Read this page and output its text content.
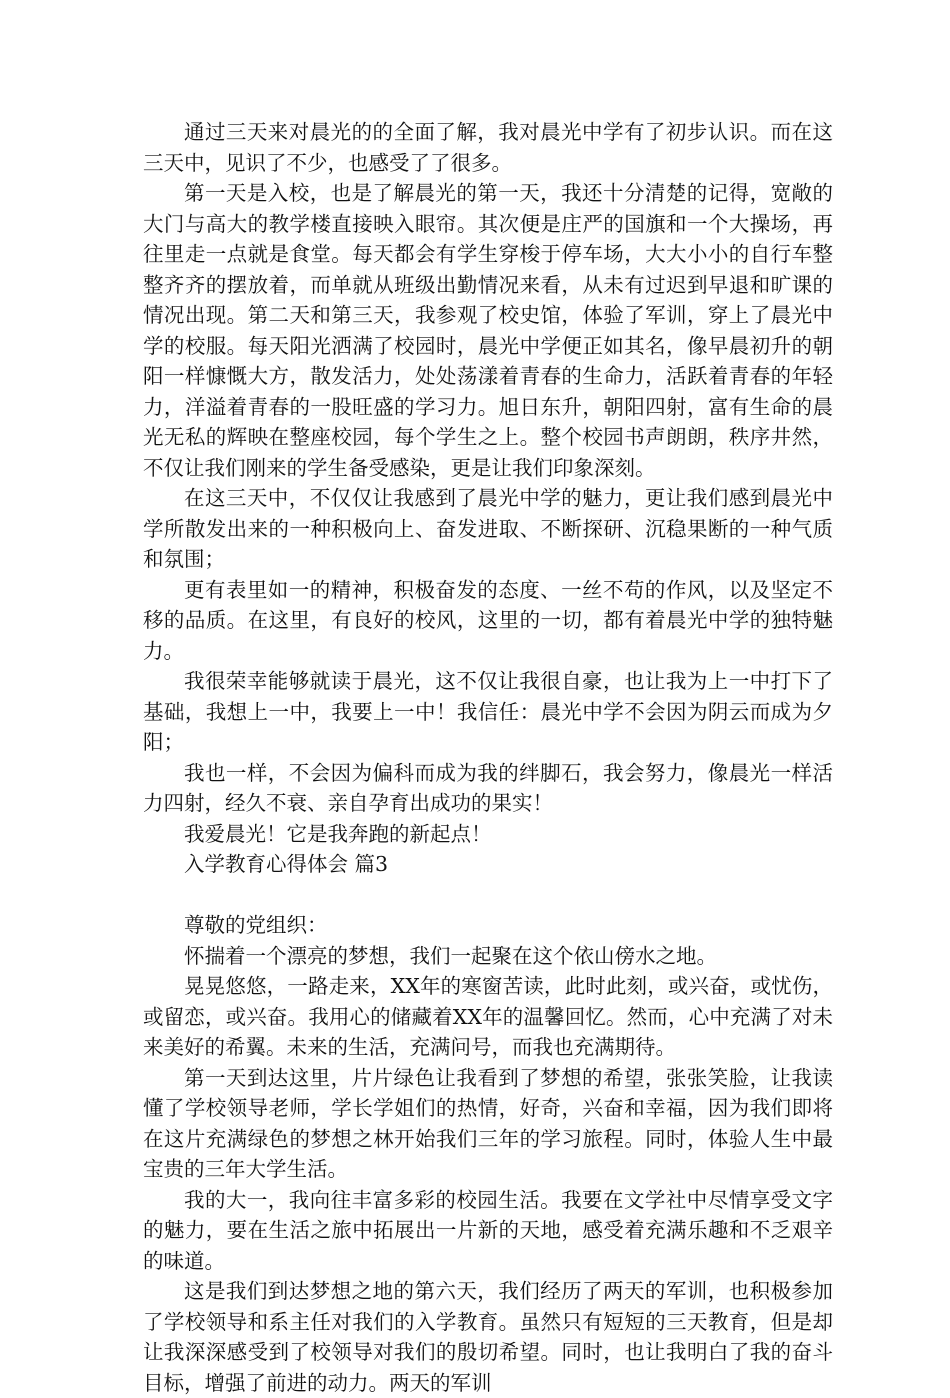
通过三天来对晨光的的全面了解，我对晨光中学有了初步认识。而在这三天中，见识了不少，也感受了了很多。

第一天是入校，也是了解晨光的第一天，我还十分清楚的记得，宽敞的大门与高大的教学楼直接映入眼帘。其次便是庄严的国旗和一个大操场，再往里走一点就是食堂。每天都会有学生穿梭于停车场，大大小小的自行车整整齐齐的摆放着，而单就从班级出勤情况来看，从未有过迟到早退和旷课的情况出现。第二天和第三天，我参观了校史馆，体验了军训，穿上了晨光中学的校服。每天阳光洒满了校园时，晨光中学便正如其名，像早晨初升的朝阳一样慷慨大方，散发活力，处处荡漾着青春的生命力，活跃着青春的年轻力，洋溢着青春的一股旺盛的学习力。旭日东升，朝阳四射，富有生命的晨光无私的辉映在整座校园，每个学生之上。整个校园书声朗朗，秩序井然，不仅让我们刚来的学生备受感染，更是让我们印象深刻。

在这三天中，不仅仅让我感到了晨光中学的魅力，更让我们感到晨光中学所散发出来的一种积极向上、奋发进取、不断探研、沉稳果断的一种气质和氛围；

更有表里如一的精神，积极奋发的态度、一丝不苟的作风，以及坚定不移的品质。在这里，有良好的校风，这里的一切，都有着晨光中学的独特魅力。

我很荣幸能够就读于晨光，这不仅让我很自豪，也让我为上一中打下了基础，我想上一中，我要上一中！我信任：晨光中学不会因为阴云而成为夕阳；

我也一样，不会因为偏科而成为我的绊脚石，我会努力，像晨光一样活力四射，经久不衰、亲自孕育出成功的果实！

我爱晨光！它是我奔跑的新起点！

入学教育心得体会 篇3

尊敬的党组织：

怀揣着一个漂亮的梦想，我们一起聚在这个依山傍水之地。

晃晃悠悠，一路走来，XX年的寒窗苦读，此时此刻，或兴奋，或忧伤，或留恋，或兴奋。我用心的储藏着XX年的温馨回忆。然而，心中充满了对未来美好的希翼。未来的生活，充满问号，而我也充满期待。

第一天到达这里，片片绿色让我看到了梦想的希望，张张笑脸，让我读懂了学校领导老师，学长学姐们的热情，好奇，兴奋和幸福，因为我们即将在这片充满绿色的梦想之林开始我们三年的学习旅程。同时，体验人生中最宝贵的三年大学生活。

我的大一，我向往丰富多彩的校园生活。我要在文学社中尽情享受文字的魅力，要在生活之旅中拓展出一片新的天地，感受着充满乐趣和不乏艰辛的味道。

这是我们到达梦想之地的第六天，我们经历了两天的军训，也积极参加了学校领导和系主任对我们的入学教育。虽然只有短短的三天教育，但是却让我深深感受到了校领导对我们的殷切希望。同时，也让我明白了我的奋斗目标，增强了前进的动力。两天的军训
